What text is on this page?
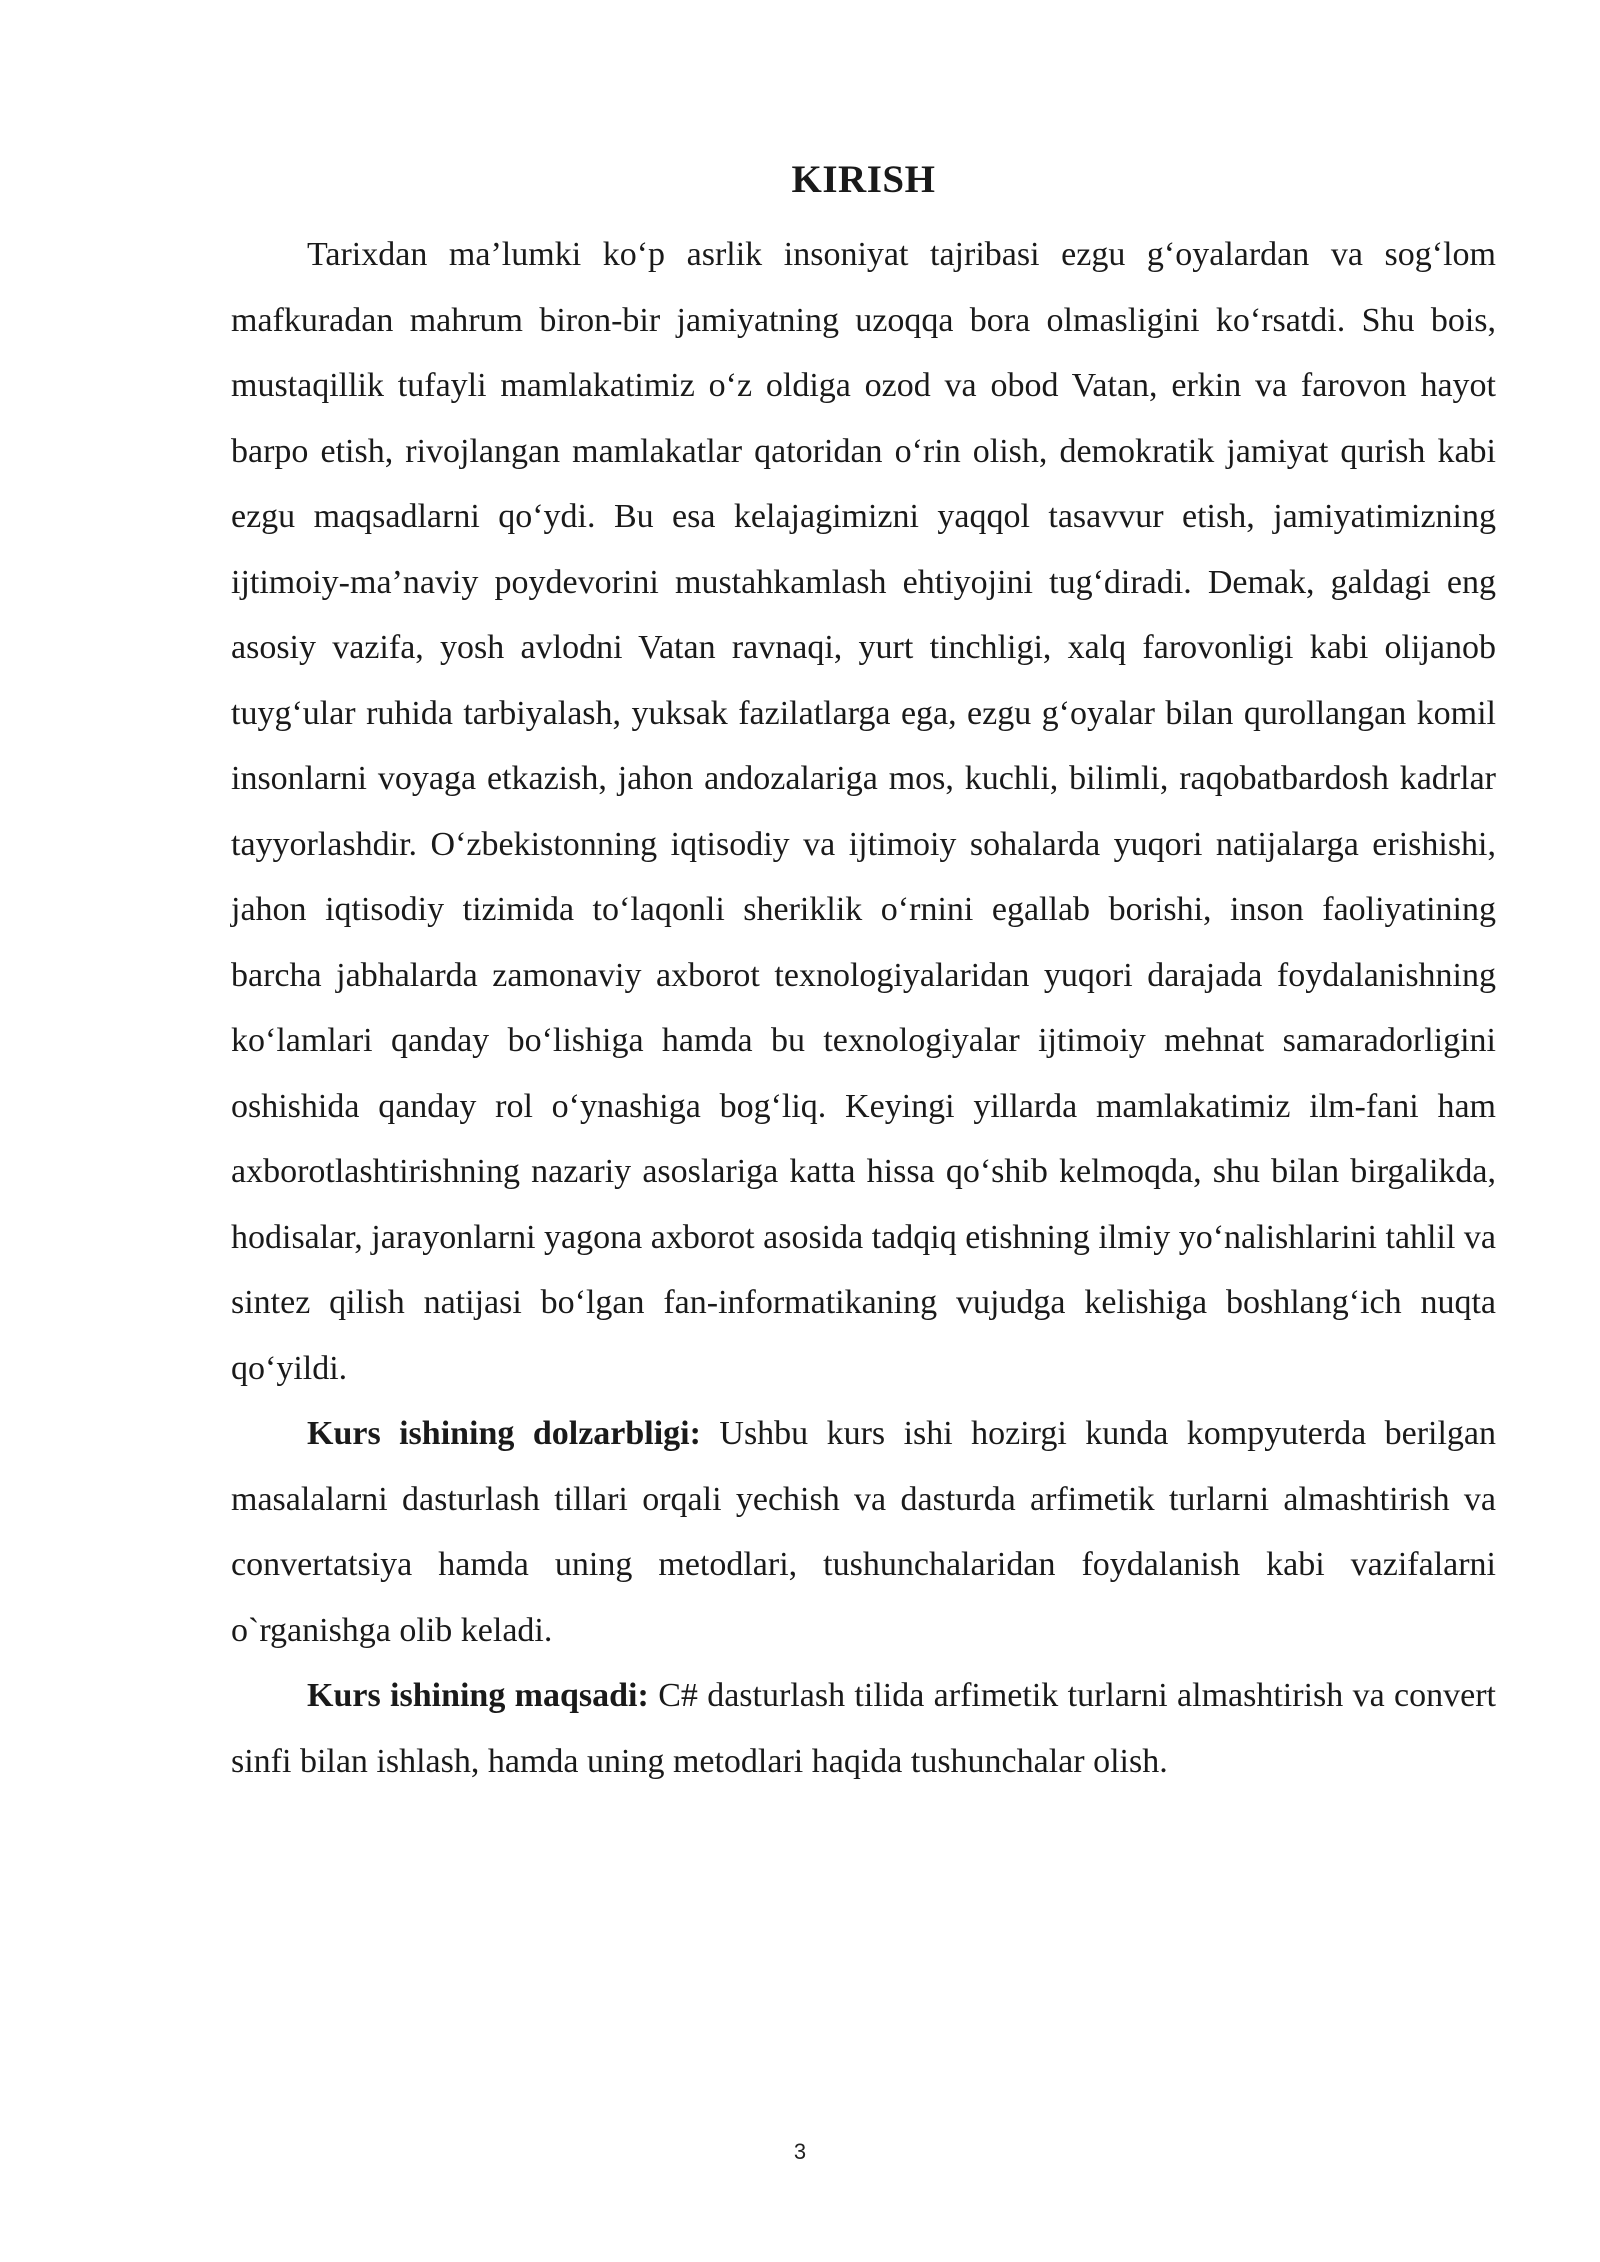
KIRISH

Tarixdan ma’lumki ko‘p asrlik insoniyat tajribasi ezgu g‘oyalardan va sog‘lom mafkuradan mahrum biron-bir jamiyatning uzoqqa bora olmasligini ko‘rsatdi. Shu bois, mustaqillik tufayli mamlakatimiz o‘z oldiga ozod va obod Vatan, erkin va farovon hayot barpo etish, rivojlangan mamlakatlar qatoridan o‘rin olish, demokratik jamiyat qurish kabi ezgu maqsadlarni qo‘ydi. Bu esa kelajagimizni yaqqol tasavvur etish, jamiyatimizning ijtimoiy-ma’naviy poydevorini mustahkamlash ehtiyojini tug‘diradi. Demak, galdagi eng asosiy vazifa, yosh avlodni Vatan ravnaqi, yurt tinchligi, xalq farovonligi kabi olijanob tuyg‘ular ruhida tarbiyalash, yuksak fazilatlarga ega, ezgu g‘oyalar bilan qurollangan komil insonlarni voyaga etkazish, jahon andozalariga mos, kuchli, bilimli, raqobatbardosh kadrlar tayyorlashdir. O‘zbekistonning iqtisodiy va ijtimoiy sohalarda yuqori natijalarga erishishi, jahon iqtisodiy tizimida to‘laqonli sheriklik o‘rnini egallab borishi, inson faoliyatining barcha jabhalarda zamonaviy axborot texnologiyalaridan yuqori darajada foydalanishning ko‘lamlari qanday bo‘lishiga hamda bu texnologiyalar ijtimoiy mehnat samaradorligini oshishida qanday rol o‘ynashiga bog‘liq. Keyingi yillarda mamlakatimiz ilm-fani ham axborotlashtirishning nazariy asoslariga katta hissa qo‘shib kelmoqda, shu bilan birgalikda, hodisalar, jarayonlarni yagona axborot asosida tadqiq etishning ilmiy yo‘nalishlarini tahlil va sintez qilish natijasi bo‘lgan fan-informatikaning vujudga kelishiga boshlang‘ich nuqta qo‘yildi.

Kurs ishining dolzarbligi: Ushbu kurs ishi hozirgi kunda kompyuterda berilgan masalalarni dasturlash tillari orqali yechish va dasturda arfimetik turlarni almashtirish va convertatsiya hamda uning metodlari, tushunchalaridan foydalanish kabi vazifalarni o`rganishga olib keladi.

Kurs ishining maqsadi: C# dasturlash tilida arfimetik turlarni almashtirish va convert sinfi bilan ishlash, hamda uning metodlari haqida tushunchalar olish.

3
